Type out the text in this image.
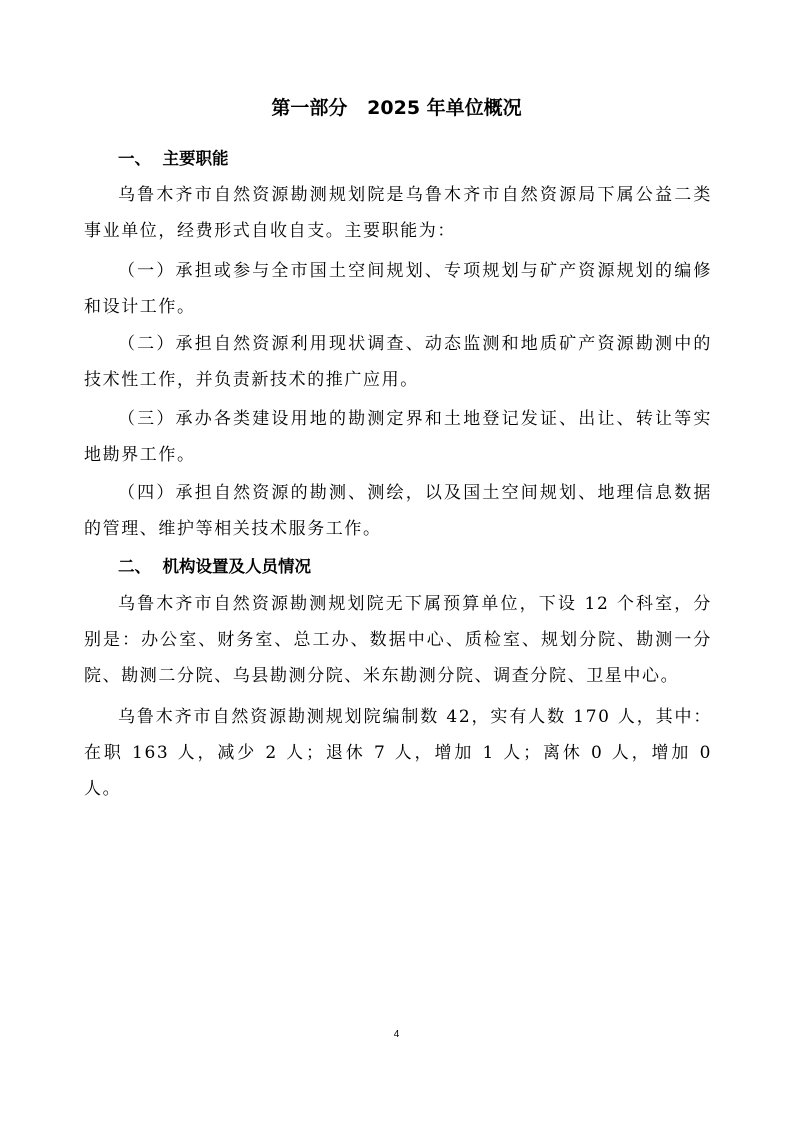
第一部分   2025 年单位概况
一、  主要职能
乌鲁木齐市自然资源勘测规划院是乌鲁木齐市自然资源局下属公益二类事业单位，经费形式自收自支。主要职能为：
（一）承担或参与全市国土空间规划、专项规划与矿产资源规划的编修和设计工作。
（二）承担自然资源利用现状调查、动态监测和地质矿产资源勘测中的技术性工作，并负责新技术的推广应用。
（三）承办各类建设用地的勘测定界和土地登记发证、出让、转让等实地勘界工作。
（四）承担自然资源的勘测、测绘，以及国土空间规划、地理信息数据的管理、维护等相关技术服务工作。
二、  机构设置及人员情况
乌鲁木齐市自然资源勘测规划院无下属预算单位，下设 12 个科室，分别是：办公室、财务室、总工办、数据中心、质检室、规划分院、勘测一分院、勘测二分院、乌县勘测分院、米东勘测分院、调查分院、卫星中心。
乌鲁木齐市自然资源勘测规划院编制数 42，实有人数 170 人，其中：在职 163 人，减少 2 人；退休 7 人，增加 1 人；离休 0 人，增加 0 人。
4
